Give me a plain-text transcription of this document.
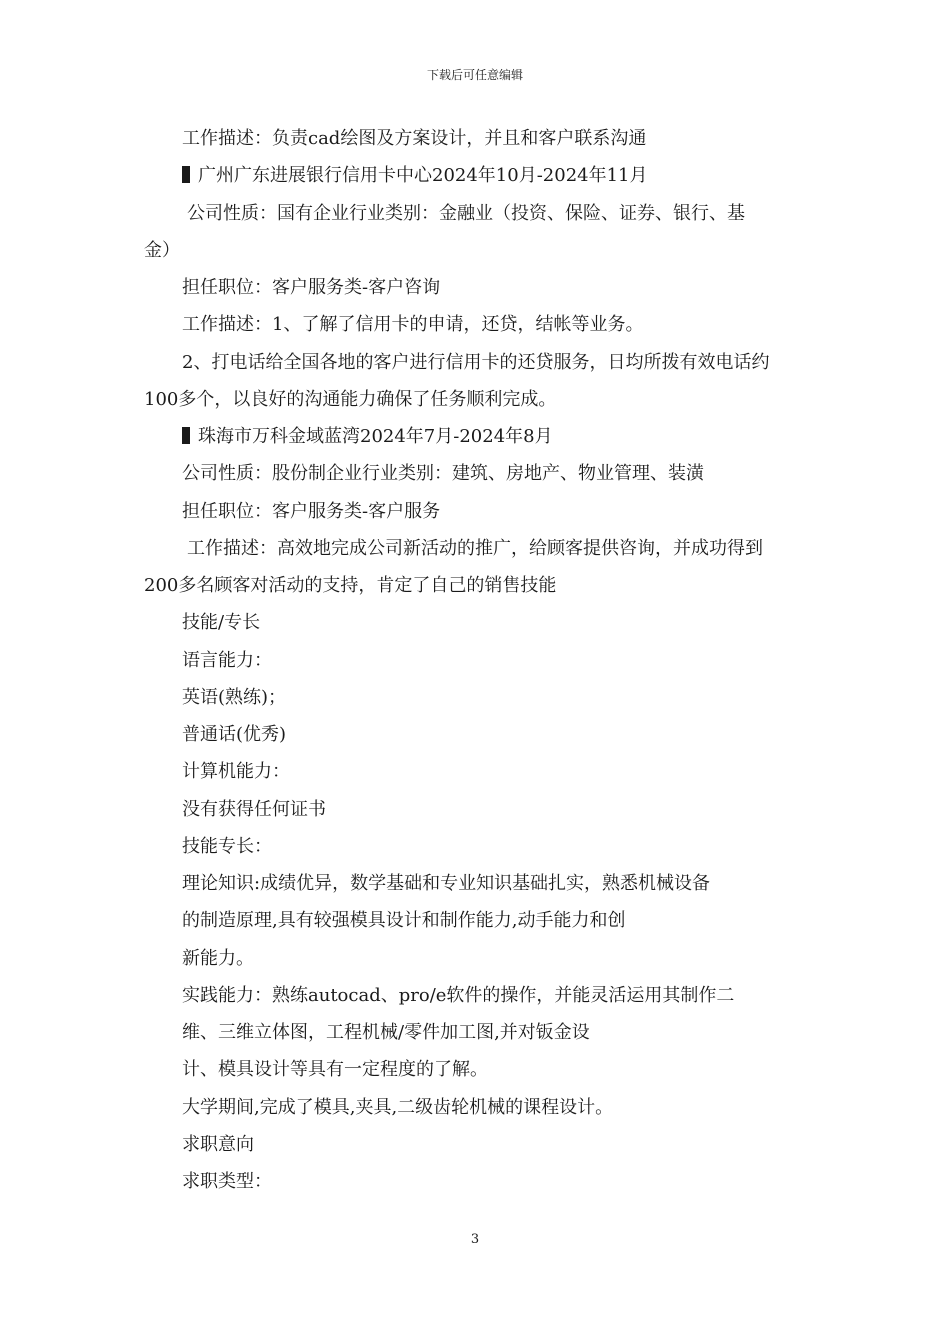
下载后可任意编辑
工作描述：负责cad绘图及方案设计，并且和客户联系沟通
广州广东进展银行信用卡中心2024年10月-2024年11月
公司性质：国有企业行业类别：金融业（投资、保险、证券、银行、基
金）
担任职位：客户服务类-客户咨询
工作描述：1、了解了信用卡的申请，还贷，结帐等业务。
2、打电话给全国各地的客户进行信用卡的还贷服务，日均所拨有效电话约
100多个，以良好的沟通能力确保了任务顺利完成。
珠海市万科金域蓝湾2024年7月-2024年8月
公司性质：股份制企业行业类别：建筑、房地产、物业管理、装潢
担任职位：客户服务类-客户服务
工作描述：高效地完成公司新活动的推广，给顾客提供咨询，并成功得到
200多名顾客对活动的支持，肯定了自己的销售技能
技能/专长
语言能力：
英语(熟练)；
普通话(优秀)
计算机能力：
没有获得任何证书
技能专长：
理论知识:成绩优异，数学基础和专业知识基础扎实，熟悉机械设备
的制造原理,具有较强模具设计和制作能力,动手能力和创
新能力。
实践能力：熟练autocad、pro/e软件的操作，并能灵活运用其制作二
维、三维立体图，工程机械/零件加工图,并对钣金设
计、模具设计等具有一定程度的了解。
大学期间,完成了模具,夹具,二级齿轮机械的课程设计。
求职意向
求职类型：
3
